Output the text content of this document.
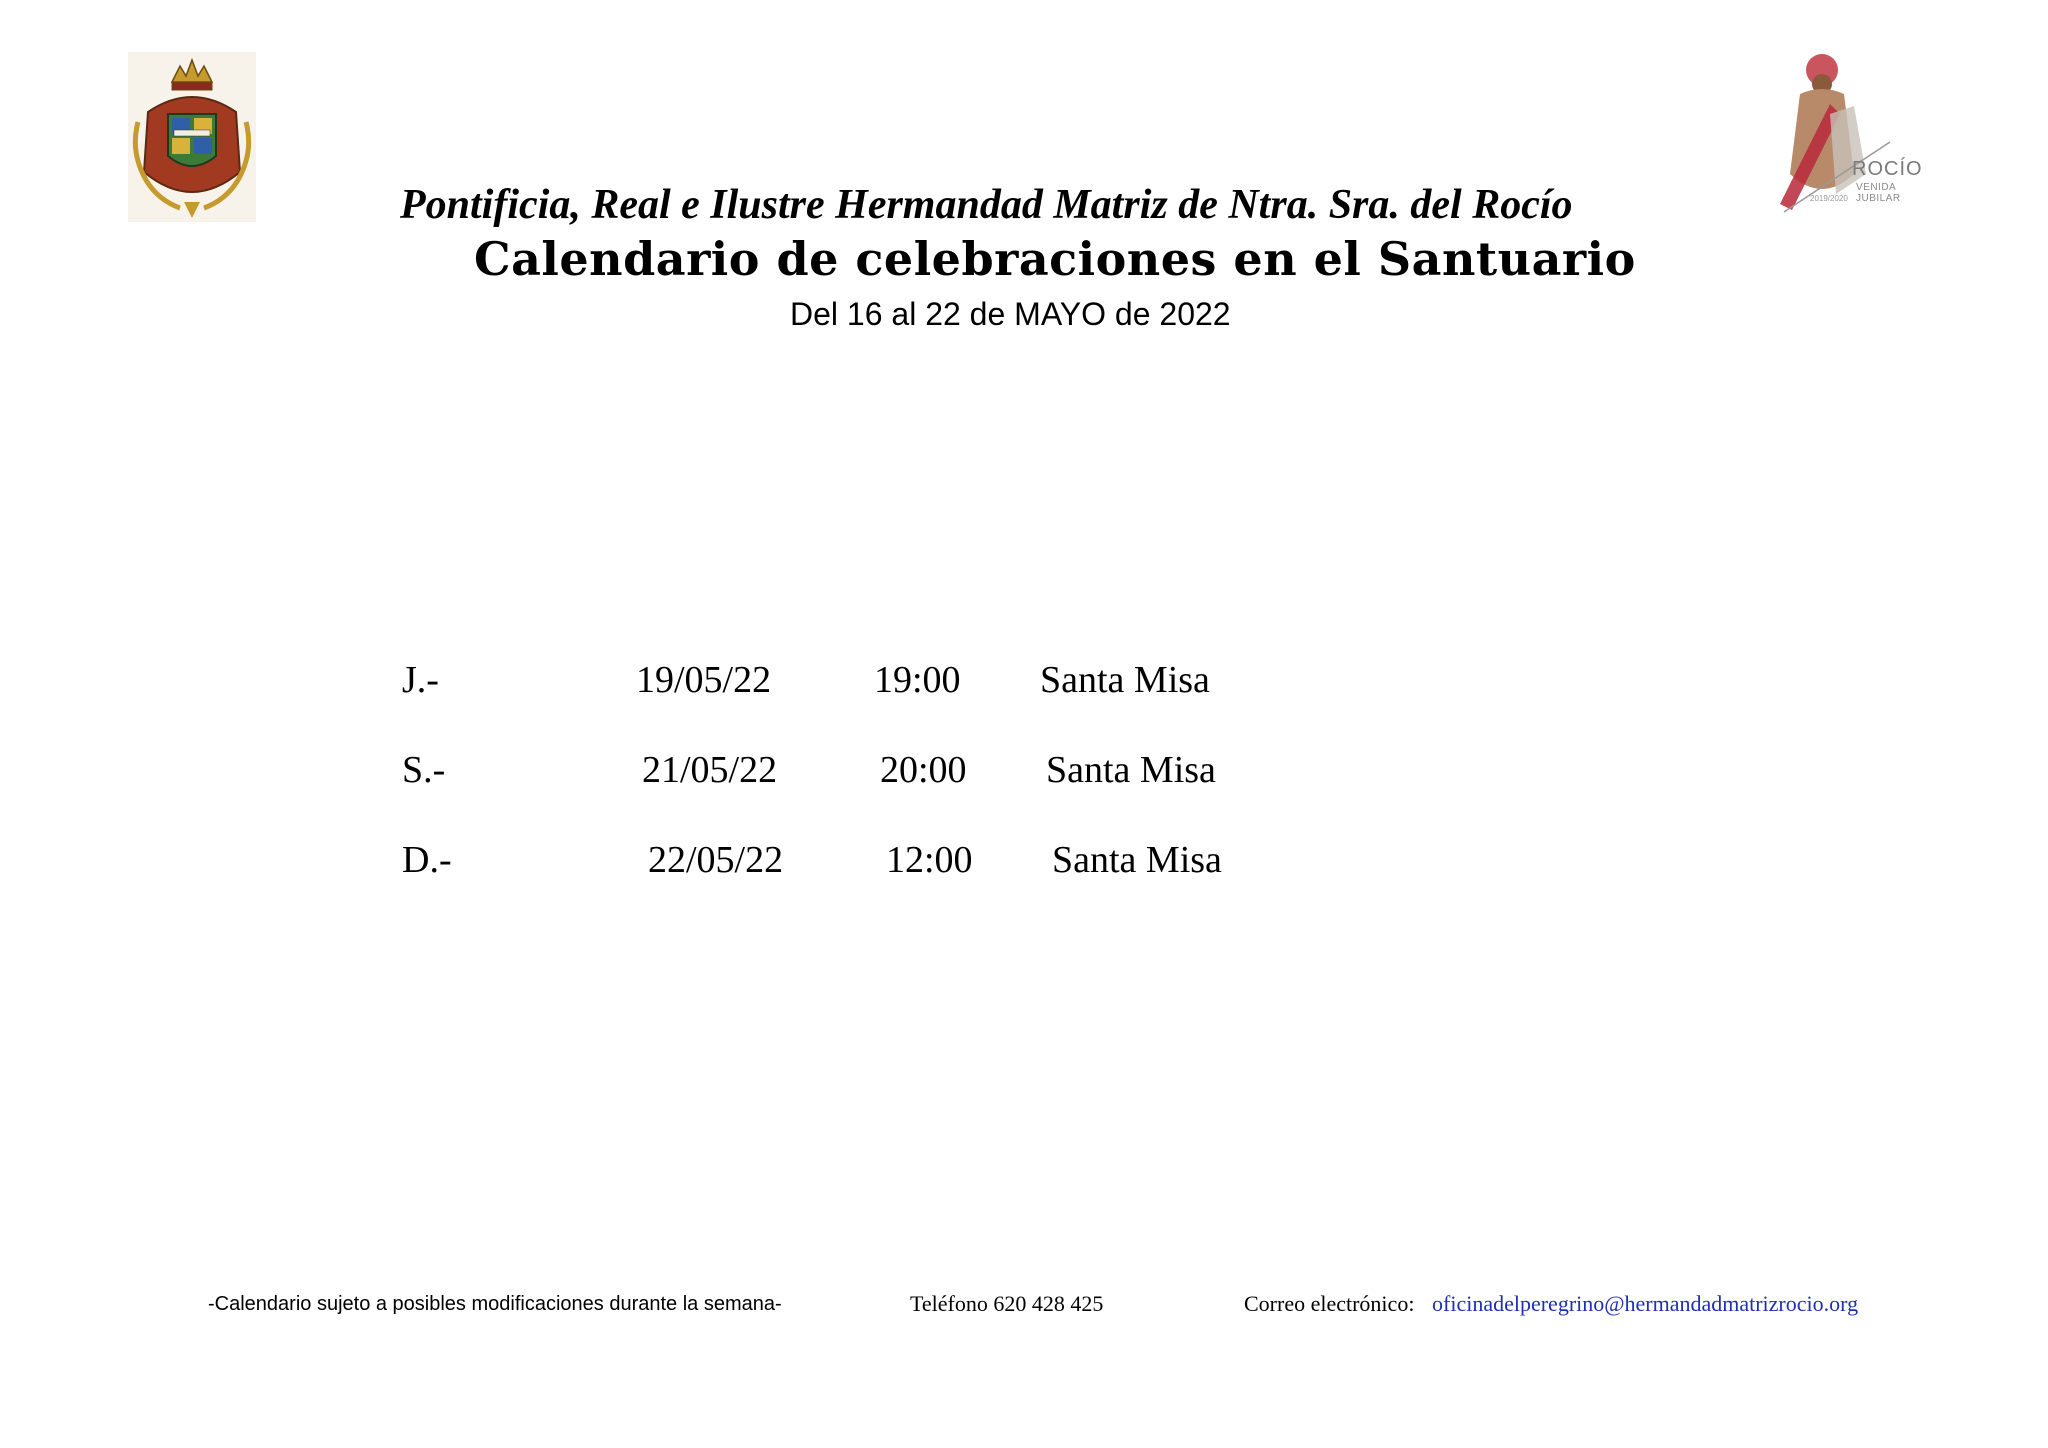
ROCÍO
VENIDA JUBILAR
2019/2020
Pontificia, Real e Ilustre Hermandad Matriz de Ntra. Sra. del Rocío
Calendario de celebraciones en el Santuario
Del 16 al 22 de MAYO de 2022
J.-	19/05/22	19:00 Santa Misa
S.-	21/05/22	20:00 Santa Misa
D.-	22/05/22	12:00 Santa Misa
-Calendario sujeto a posibles modificaciones durante la semana-	Teléfono 620 428 425	Correo electrónico: oficinadelperegrino@hermandadmatrizrocio.org
